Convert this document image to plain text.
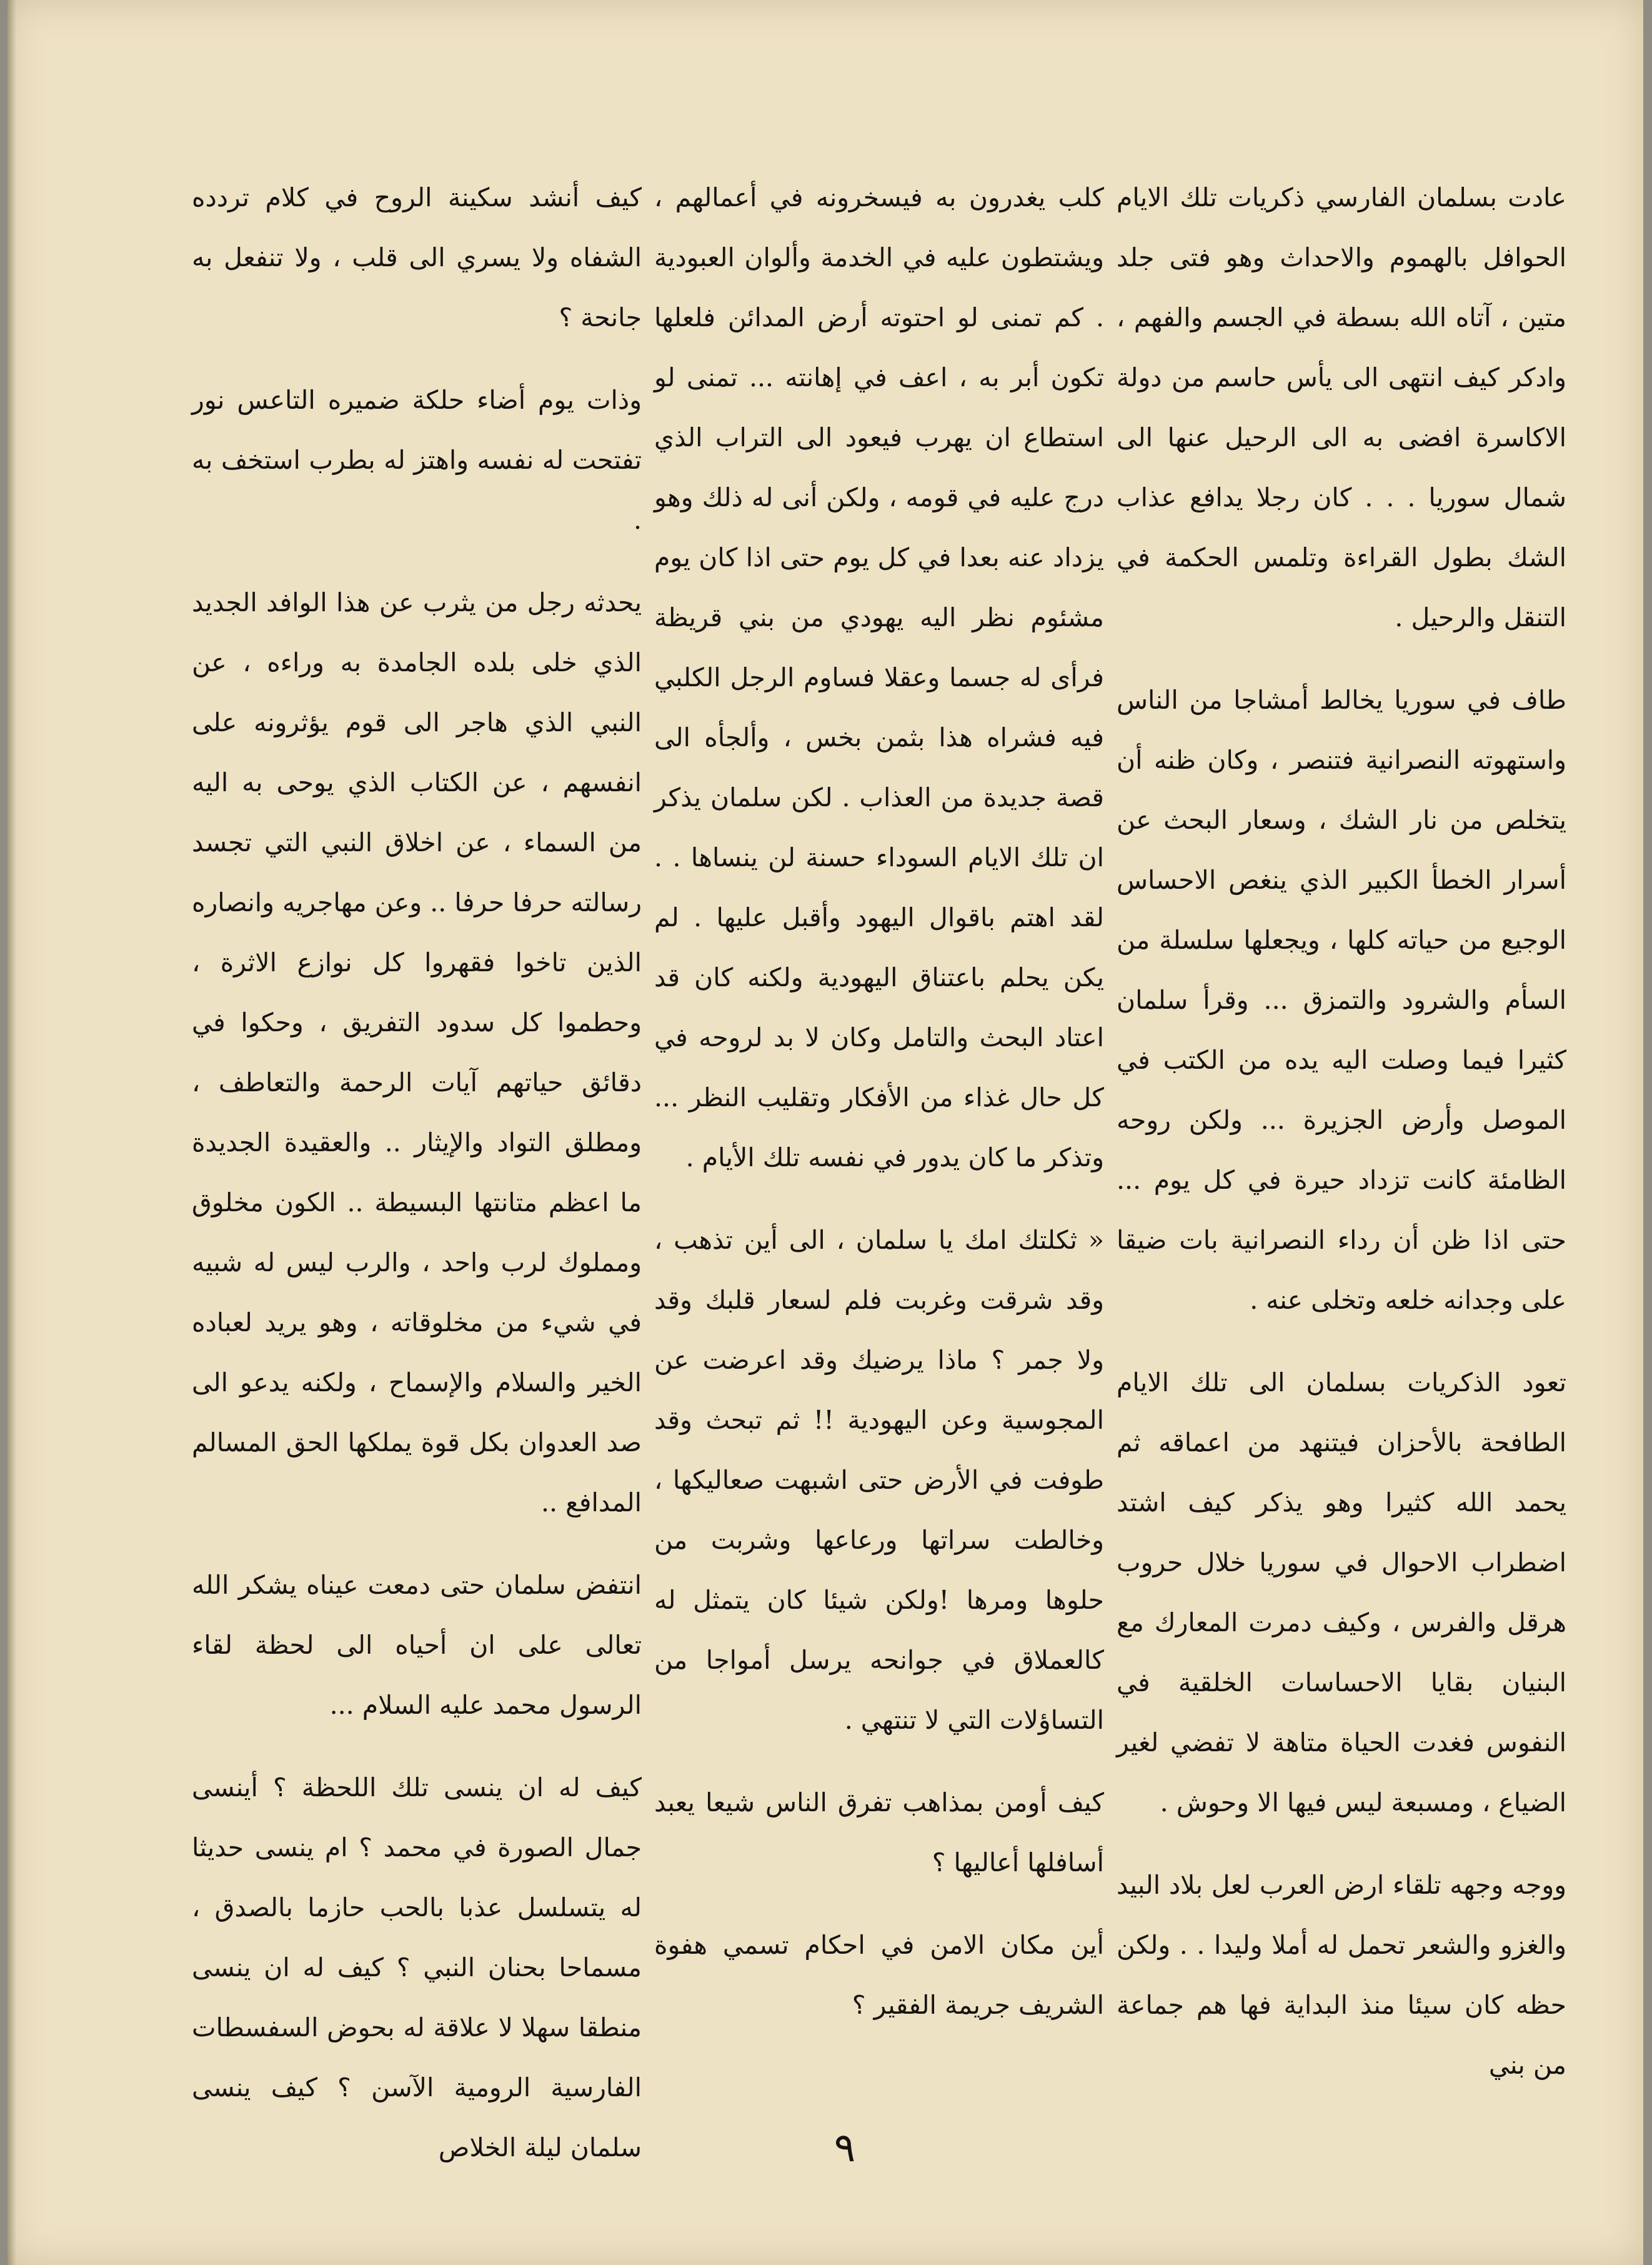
عادت بسلمان الفارسي ذكريات تلك الايام الحوافل بالهموم والاحداث وهو فتى جلد متين ، آتاه الله بسطة في الجسم والفهم ، وادكر كيف انتهى الى يأس حاسم من دولة الاكاسرة افضى به الى الرحيل عنها الى شمال سوريا . . . كان رجلا يدافع عذاب الشك بطول القراءة وتلمس الحكمة في التنقل والرحيل .

طاف في سوريا يخالط أمشاجا من الناس واستهوته النصرانية فتنصر ، وكان ظنه أن يتخلص من نار الشك ، وسعار البحث عن أسرار الخطأ الكبير الذي ينغص الاحساس الوجيع من حياته كلها ، ويجعلها سلسلة من السأم والشرود والتمزق ... وقرأ سلمان كثيرا فيما وصلت اليه يده من الكتب في الموصل وأرض الجزيرة ... ولكن روحه الظامئة كانت تزداد حيرة في كل يوم ... حتى اذا ظن أن رداء النصرانية بات ضيقا على وجدانه خلعه وتخلى عنه .

تعود الذكريات بسلمان الى تلك الايام الطافحة بالأحزان فيتنهد من اعماقه ثم يحمد الله كثيرا وهو يذكر كيف اشتد اضطراب الاحوال في سوريا خلال حروب هرقل والفرس ، وكيف دمرت المعارك مع البنيان بقايا الاحساسات الخلقية في النفوس فغدت الحياة متاهة لا تفضي لغير الضياع ، ومسبعة ليس فيها الا وحوش .

ووجه وجهه تلقاء ارض العرب لعل بلاد البيد والغزو والشعر تحمل له أملا وليدا . . ولكن حظه كان سيئا منذ البداية فها هم جماعة من بني

كلب يغدرون به فيسخرونه في أعمالهم ، ويشتطون عليه في الخدمة وألوان العبودية . كم تمنى لو احتوته أرض المدائن فلعلها تكون أبر به ، اعف في إهانته ... تمنى لو استطاع ان يهرب فيعود الى التراب الذي درج عليه في قومه ، ولكن أنى له ذلك وهو يزداد عنه بعدا في كل يوم حتى اذا كان يوم مشئوم نظر اليه يهودي من بني قريظة فرأى له جسما وعقلا فساوم الرجل الكلبي فيه فشراه هذا بثمن بخس ، وألجأه الى قصة جديدة من العذاب . لكن سلمان يذكر ان تلك الايام السوداء حسنة لن ينساها . . لقد اهتم باقوال اليهود وأقبل عليها . لم يكن يحلم باعتناق اليهودية ولكنه كان قد اعتاد البحث والتامل وكان لا بد لروحه في كل حال غذاء من الأفكار وتقليب النظر ... وتذكر ما كان يدور في نفسه تلك الأيام .

« ثكلتك امك يا سلمان ، الى أين تذهب ، وقد شرقت وغربت فلم لسعار قلبك وقد ولا جمر ؟ ماذا يرضيك وقد اعرضت عن المجوسية وعن اليهودية !! ثم تبحث وقد طوفت في الأرض حتى اشبهت صعاليكها ، وخالطت سراتها ورعاعها وشربت من حلوها ومرها !ولكن شيئا كان يتمثل له كالعملاق في جوانحه يرسل أمواجا من التساؤلات التي لا تنتهي .

كيف أومن بمذاهب تفرق الناس شيعا يعبد أسافلها أعاليها ؟

أين مكان الامن في احكام تسمي هفوة الشريف جريمة الفقير ؟

كيف أنشد سكينة الروح في كلام تردده الشفاه ولا يسري الى قلب ، ولا تنفعل به جانحة ؟

وذات يوم أضاء حلكة ضميره التاعس نور تفتحت له نفسه واهتز له بطرب استخف به .

يحدثه رجل من يثرب عن هذا الوافد الجديد الذي خلى بلده الجامدة به وراءه ، عن النبي الذي هاجر الى قوم يؤثرونه على انفسهم ، عن الكتاب الذي يوحى به اليه من السماء ، عن اخلاق النبي التي تجسد رسالته حرفا حرفا .. وعن مهاجريه وانصاره الذين تاخوا فقهروا كل نوازع الاثرة ، وحطموا كل سدود التفريق ، وحكوا في دقائق حياتهم آيات الرحمة والتعاطف ، ومطلق التواد والإيثار .. والعقيدة الجديدة ما اعظم متانتها البسيطة .. الكون مخلوق ومملوك لرب واحد ، والرب ليس له شبيه في شيء من مخلوقاته ، وهو يريد لعباده الخير والسلام والإسماح ، ولكنه يدعو الى صد العدوان بكل قوة يملكها الحق المسالم المدافع ..

انتفض سلمان حتى دمعت عيناه يشكر الله تعالى على ان أحياه الى لحظة لقاء الرسول محمد عليه السلام ...

كيف له ان ينسى تلك اللحظة ؟ أينسى جمال الصورة في محمد ؟ ام ينسى حديثا له يتسلسل عذبا بالحب حازما بالصدق ، مسماحا بحنان النبي ؟ كيف له ان ينسى منطقا سهلا لا علاقة له بحوض السفسطات الفارسية الرومية الآسن ؟ كيف ينسى سلمان ليلة الخلاص	٩
